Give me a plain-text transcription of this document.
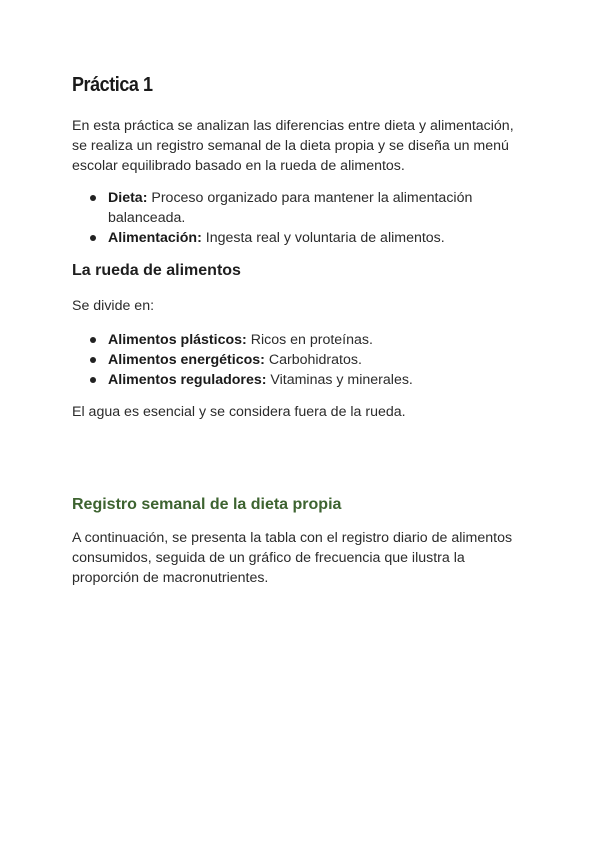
Práctica 1

En esta práctica se analizan las diferencias entre dieta y alimentación, se realiza un registro semanal de la dieta propia y se diseña un menú escolar equilibrado basado en la rueda de alimentos.

Dieta: Proceso organizado para mantener la alimentación balanceada.
Alimentación: Ingesta real y voluntaria de alimentos.
La rueda de alimentos

Se divide en:

Alimentos plásticos: Ricos en proteínas.
Alimentos energéticos: Carbohidratos.
Alimentos reguladores: Vitaminas y minerales.

El agua es esencial y se considera fuera de la rueda.

Registro semanal de la dieta propia

A continuación, se presenta la tabla con el registro diario de alimentos consumidos, seguida de un gráfico de frecuencia que ilustra la proporción de macronutrientes.
